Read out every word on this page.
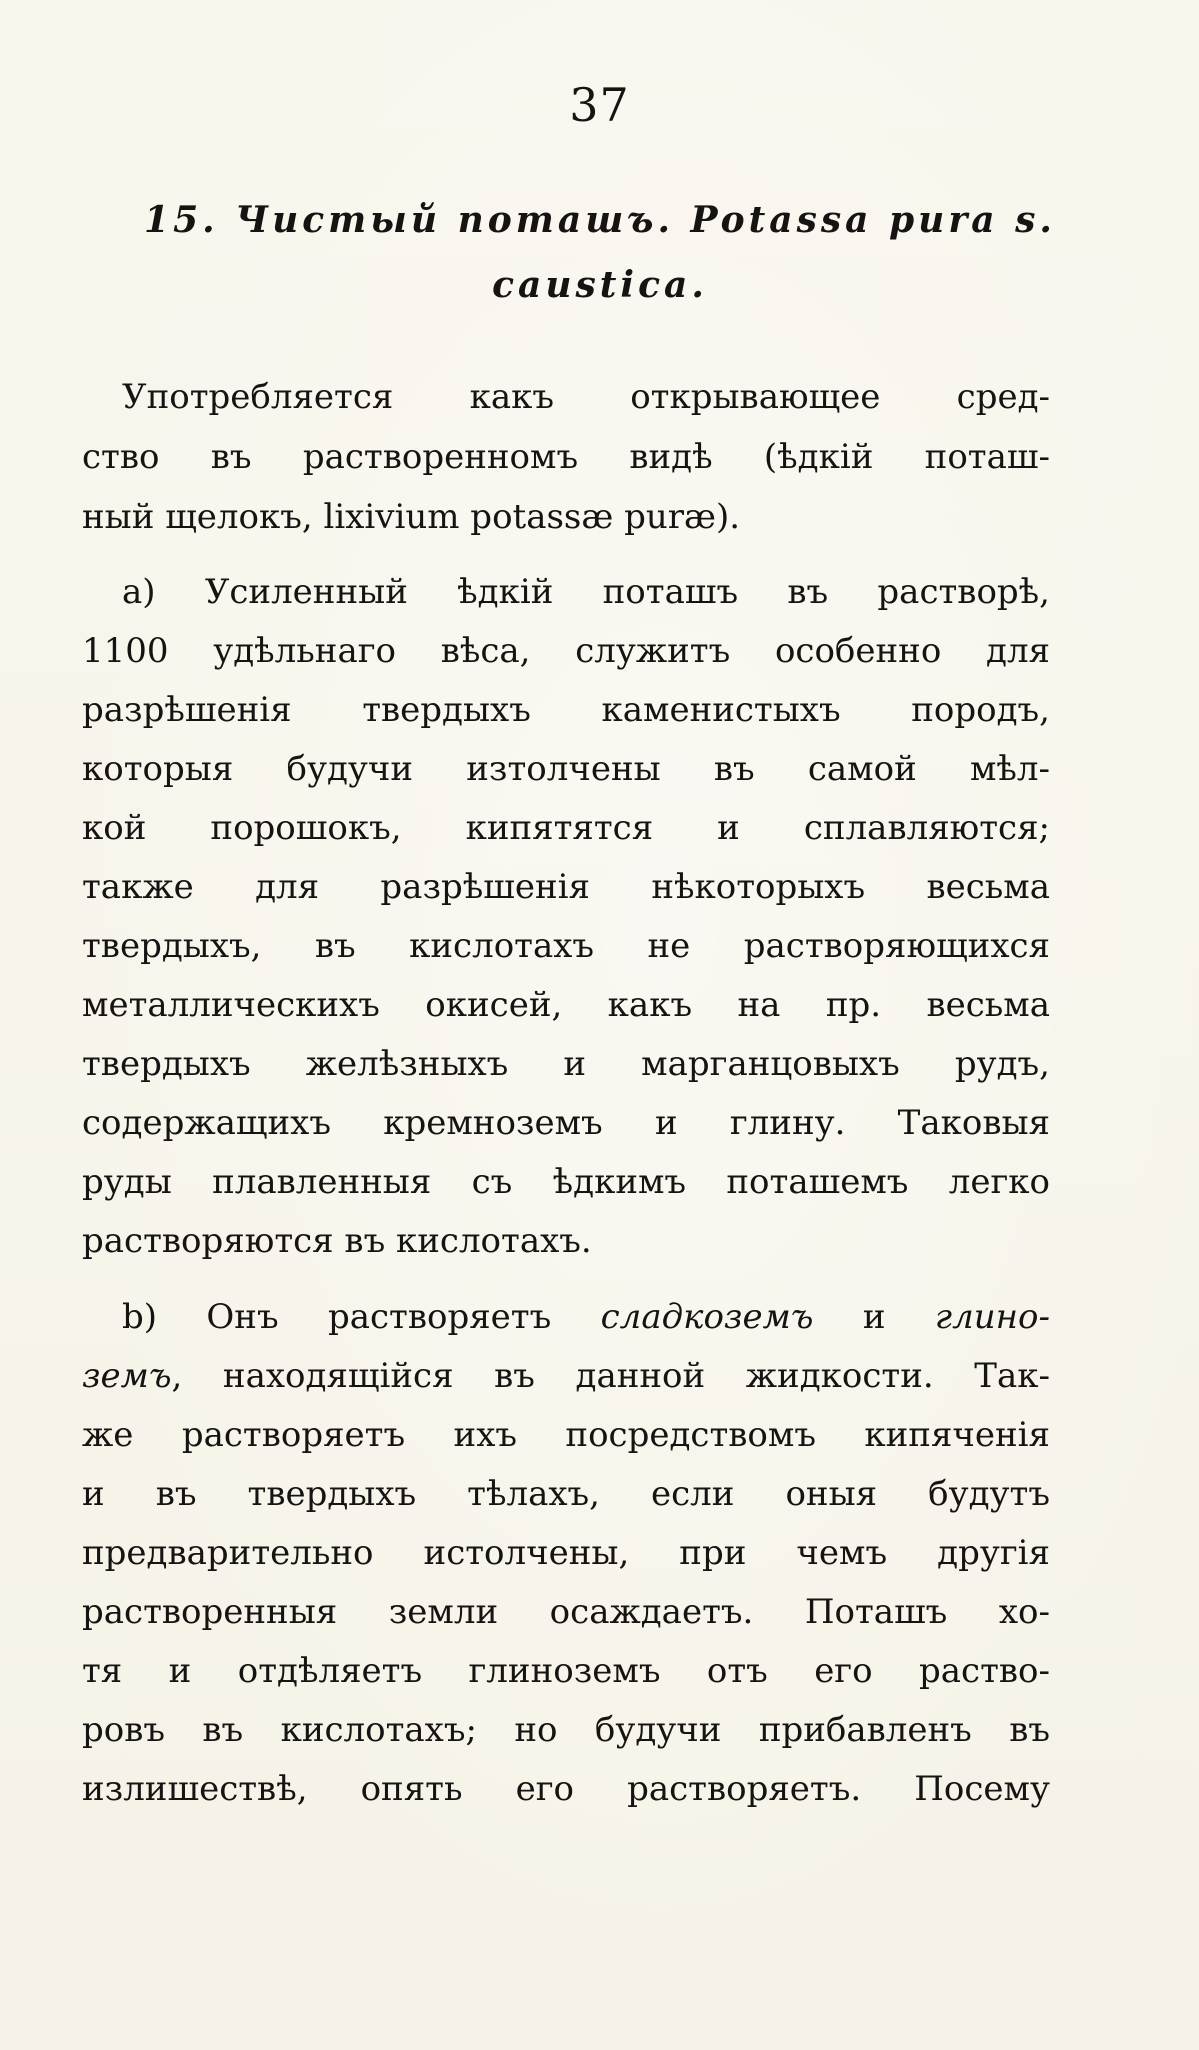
37
15. Чистый поташъ. Potassa pura s.
caustica.
Употребляется какъ открывающее сред-
ство въ растворенномъ видѣ (ѣдкій поташ-
ный щелокъ, lixivium potassæ puræ).
а) Усиленный ѣдкій поташъ въ растворѣ,
1100 удѣльнаго вѣса, служитъ особенно для
разрѣшенія твердыхъ каменистыхъ породъ,
которыя будучи изтолчены въ самой мѣл-
кой порошокъ, кипятятся и сплавляются;
также для разрѣшенія нѣкоторыхъ весьма
твердыхъ, въ кислотахъ не растворяющихся
металлическихъ окисей, какъ на пр. весьма
твердыхъ желѣзныхъ и марганцовыхъ рудъ,
содержащихъ кремноземъ и глину. Таковыя
руды плавленныя съ ѣдкимъ поташемъ легко
растворяются въ кислотахъ.
b) Онъ растворяетъ сладкоземъ и глино-
земъ, находящійся въ данной жидкости. Так-
же растворяетъ ихъ посредствомъ кипяченія
и въ твердыхъ тѣлахъ, если оныя будутъ
предварительно истолчены, при чемъ другія
растворенныя земли осаждаетъ. Поташъ хо-
тя и отдѣляетъ глиноземъ отъ его раство-
ровъ въ кислотахъ; но будучи прибавленъ въ
излишествѣ, опять его растворяетъ. Посему
